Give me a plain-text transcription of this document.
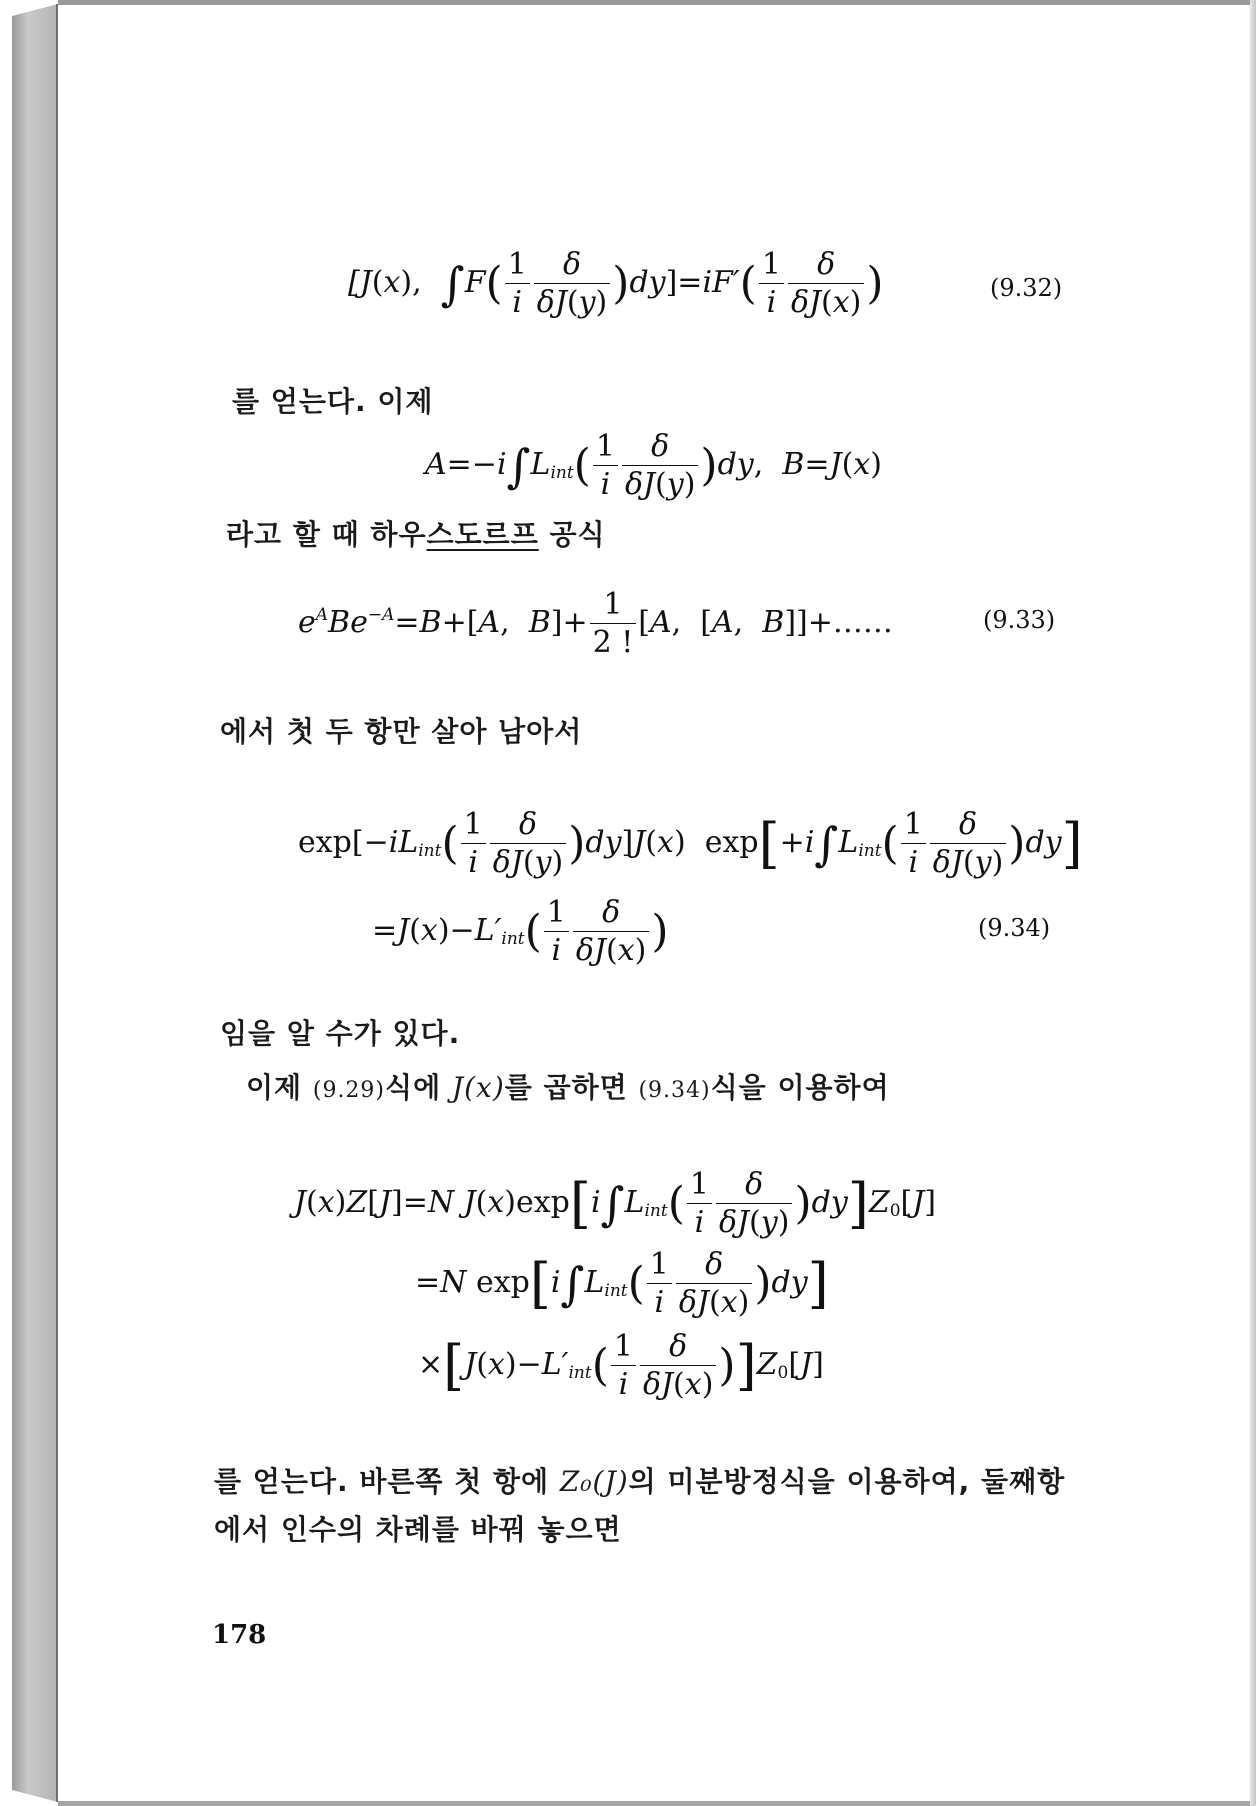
[J(x), $\int F( \frac{1}{i} \frac{\delta}{\delta J(y)} )dy]=iF'( \frac{1}{i} \frac{\delta}{\delta J(x)}$ )	(9.32)
를 얻는다. 이제
$A=-i\int L_{int}( \frac{1}{i} \frac{\delta}{\delta J(y)} )dy$,  B=J(x)
라고 할 때 하우스도르프 공식
$e^ABe^{-A}=B+[A$,  $B]+ \frac{1}{2 !} [A$,  [A,  B]]+……	(9.33)
에서 첫 두 항만 살아 남아서
$\exp[-iL_{int}( \frac{1}{i} \frac{\delta}{\delta J(y)} )dy]J(x)$  $\exp[+i\int L_{int}( \frac{1}{i} \frac{\delta}{\delta J(y)} )dy]$
$=J(x)-L'_{int}( \frac{1}{i} \frac{\delta}{\delta J(x)}$ )	(9.34)
임을 알 수가 있다.
이제 (9.29)식에 J(x)를 곱하면 (9.34)식을 이용하여
J(x)Z[J]=N $J(x)\exp[i\int L_{int}( \frac{1}{i} \frac{\delta}{\delta J(y)} )dy]Z_0[J]$
=N $\exp[i\int L_{int}( \frac{1}{i} \frac{\delta}{\delta J(x)} )dy]$
$\times[J(x)-L'_{int}( \frac{1}{i} \frac{\delta}{\delta J(x)} )]Z_0[J]$
를 얻는다. 바른쪽 첫 항에 Z₀(J)의 미분방정식을 이용하여, 둘째항
에서 인수의 차례를 바꿔 놓으면
178
